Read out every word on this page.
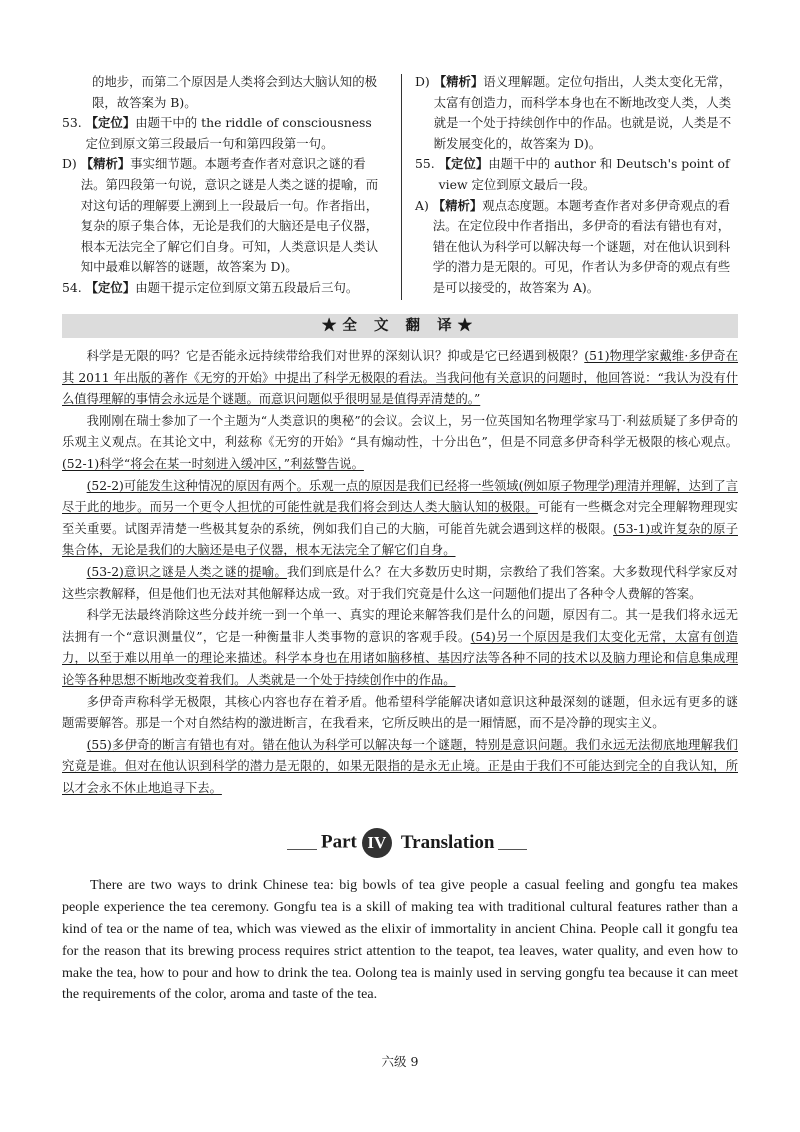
的地步，而第二个原因是人类将会到达大脑认知的极限，故答案为 B)。
53. 【定位】由题干中的 the riddle of consciousness 定位到原文第三段最后一句和第四段第一句。
D) 【精析】事实细节题。本题考查作者对意识之谜的看法。第四段第一句说，意识之谜是人类之谜的提喻，而对这句话的理解要上溯到上一段最后一句。作者指出，复杂的原子集合体，无论是我们的大脑还是电子仪器，根本无法完全了解它们自身。可知，人类意识是人类认知中最难以解答的谜题，故答案为 D)。
54. 【定位】由题干提示定位到原文第五段最后三句。
D) 【精析】语义理解题。定位句指出，人类太变化无常，太富有创造力，而科学本身也在不断地改变人类，人类就是一个处于持续创作中的作品。也就是说，人类是不断发展变化的，故答案为 D)。
55. 【定位】由题干中的 author 和 Deutsch's point of view 定位到原文最后一段。
A) 【精析】观点态度题。本题考查作者对多伊奇观点的看法。在定位段中作者指出，多伊奇的看法有错也有对，错在他认为科学可以解决每一个谜题，对在他认识到科学的潜力是无限的。可见，作者认为多伊奇的观点有些是可以接受的，故答案为 A)。
★全 文 翻 译★

科学是无限的吗？它是否能永远持续带给我们对世界的深刻认识？抑或是它已经遇到极限？(51)物理学家戴维·多伊奇在其 2011 年出版的著作《无穷的开始》中提出了科学无极限的看法。当我问他有关意识的问题时，他回答说：“我认为没有什么值得理解的事情会永远是个谜题。而意识问题似乎很明显是值得弄清楚的。”

我刚刚在瑞士参加了一个主题为“人类意识的奥秘”的会议。会议上，另一位英国知名物理学家马丁·利兹质疑了多伊奇的乐观主义观点。在其论文中，利兹称《无穷的开始》“具有煽动性，十分出色”，但是不同意多伊奇科学无极限的核心观点。(52-1)科学“将会在某一时刻进入缓冲区，”利兹警告说。

(52-2)可能发生这种情况的原因有两个。乐观一点的原因是我们已经将一些领域(例如原子物理学)理清并理解，达到了言尽于此的地步。而另一个更令人担忧的可能性就是我们将会到达人类大脑认知的极限。可能有一些概念对完全理解物理现实至关重要。试图弄清楚一些极其复杂的系统，例如我们自己的大脑，可能首先就会遇到这样的极限。(53-1)或许复杂的原子集合体，无论是我们的大脑还是电子仪器，根本无法完全了解它们自身。

(53-2)意识之谜是人类之谜的提喻。我们到底是什么？在大多数历史时期，宗教给了我们答案。大多数现代科学家反对这些宗教解释，但是他们也无法对其他解释达成一致。对于我们究竟是什么这一问题他们提出了各种令人费解的答案。

科学无法最终消除这些分歧并统一到一个单一、真实的理论来解答我们是什么的问题，原因有二。其一是我们将永远无法拥有一个“意识测量仪”，它是一种衡量非人类事物的意识的客观手段。(54)另一个原因是我们太变化无常，太富有创造力，以至于难以用单一的理论来描述。科学本身也在用诸如脑移植、基因疗法等各种不同的技术以及脑力理论和信息集成理论等各种思想不断地改变着我们。人类就是一个处于持续创作中的作品。

多伊奇声称科学无极限，其核心内容也存在着矛盾。他希望科学能解决诸如意识这种最深刻的谜题，但永远有更多的谜题需要解答。那是一个对自然结构的激进断言，在我看来，它所反映出的是一厢情愿，而不是冷静的现实主义。

(55)多伊奇的断言有错也有对。错在他认为科学可以解决每一个谜题，特别是意识问题。我们永远无法彻底地理解我们究竟是谁。但对在他认识到科学的潜力是无限的，如果无限指的是永无止境。正是由于我们不可能达到完全的自我认知，所以才会永不休止地追寻下去。

Part IV Translation

There are two ways to drink Chinese tea: big bowls of tea give people a casual feeling and gongfu tea makes people experience the tea ceremony. Gongfu tea is a skill of making tea with traditional cultural features rather than a kind of tea or the name of tea, which was viewed as the elixir of immortality in ancient China. People call it gongfu tea for the reason that its brewing process requires strict attention to the teapot, tea leaves, water quality, and even how to make the tea, how to pour and how to drink the tea. Oolong tea is mainly used in serving gongfu tea because it can meet the requirements of the color, aroma and taste of the tea.

六级 9
